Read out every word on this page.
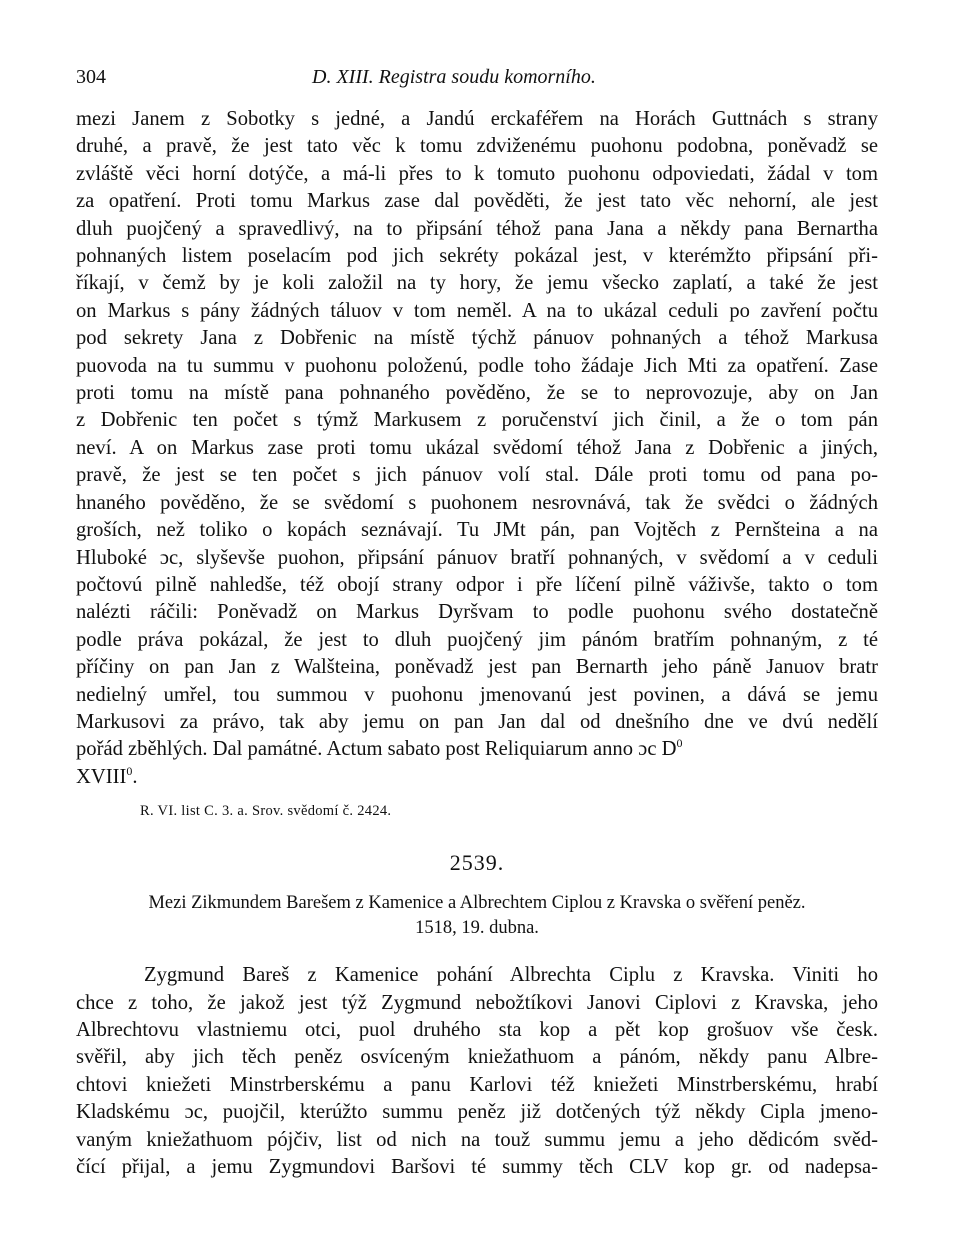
304	D. XIII. Registra soudu komorního.
mezi Janem z Sobotky s jedné, a Jandú erckaféřem na Horách Guttnách s strany
druhé, a pravě, že jest tato věc k tomu zdviženému puohonu podobna, poněvadž se
zvláště věci horní dotýče, a má-li přes to k tomuto puohonu odpoviedati, žádal v tom
za opatření. Proti tomu Markus zase dal pověděti, že jest tato věc nehorní, ale jest
dluh puojčený a spravedlivý, na to připsání téhož pana Jana a někdy pana Bernartha
pohnaných listem poselacím pod jich sekréty pokázal jest, v kterémžto připsání při-
říkají, v čemž by je koli založil na ty hory, že jemu všecko zaplatí, a také že jest
on Markus s pány žádných táluov v tom neměl. A na to ukázal ceduli po zavření počtu
pod sekrety Jana z Dobřenic na místě týchž pánuov pohnaných a téhož Markusa
puovoda na tu summu v puohonu položenú, podle toho žádaje Jich Mti za opatření. Zase
proti tomu na místě pana pohnaného pověděno, že se to neprovozuje, aby on Jan
z Dobřenic ten počet s týmž Markusem z poručenství jich činil, a že o tom pán
neví. A on Markus zase proti tomu ukázal svědomí téhož Jana z Dobřenic a jiných,
pravě, že jest se ten počet s jich pánuov volí stal. Dále proti tomu od pana po-
hnaného pověděno, že se svědomí s puohonem nesrovnává, tak že svědci o žádných
groších, než toliko o kopách seznávají. Tu JMt pán, pan Vojtěch z Pernšteina a na
Hluboké ɔc, slyševše puohon, připsání pánuov bratří pohnaných, v svědomí a v ceduli
počtovú pilně nahledše, též obojí strany odpor i pře líčení pilně váživše, takto o tom
nalézti ráčili: Poněvadž on Markus Dyršvam to podle puohonu svého dostatečně
podle práva pokázal, že jest to dluh puojčený jim pánóm bratřím pohnaným, z té
příčiny on pan Jan z Walšteina, poněvadž jest pan Bernarth jeho páně Januov bratr
nedielný umřel, tou summou v puohonu jmenovanú jest povinen, a dává se jemu
Markusovi za právo, tak aby jemu on pan Jan dal od dnešního dne ve dvú nedělí
pořád zběhlých. Dal památné. Actum sabato post Reliquiarum anno ɔc $D^0$
XVIII$^0$.
R. VI. list C. 3. a. Srov. svědomí č. 2424.
2539.
Mezi Zikmundem Barešem z Kamenice a Albrechtem Ciplou z Kravska o svěření peněz.
1518, 19. dubna.
Zygmund Bareš z Kamenice pohání Albrechta Ciplu z Kravska. Viniti ho
chce z toho, že jakož jest týž Zygmund nebožtíkovi Janovi Ciplovi z Kravska, jeho
Albrechtovu vlastniemu otci, puol druhého sta kop a pět kop grošuov vše česk.
svěřil, aby jich těch peněz osvíceným kniežathuom a pánóm, někdy panu Albre-
chtovi kniežeti Minstrberskému a panu Karlovi též kniežeti Minstrberskému, hrabí
Kladskému ɔc, puojčil, kterúžto summu peněz již dotčených týž někdy Cipla jmeno-
vaným kniežathuom pójčiv, list od nich na touž summu jemu a jeho dědicóm svěd-
čící přijal, a jemu Zygmundovi Baršovi té summy těch CLV kop gr. od nadepsa-
